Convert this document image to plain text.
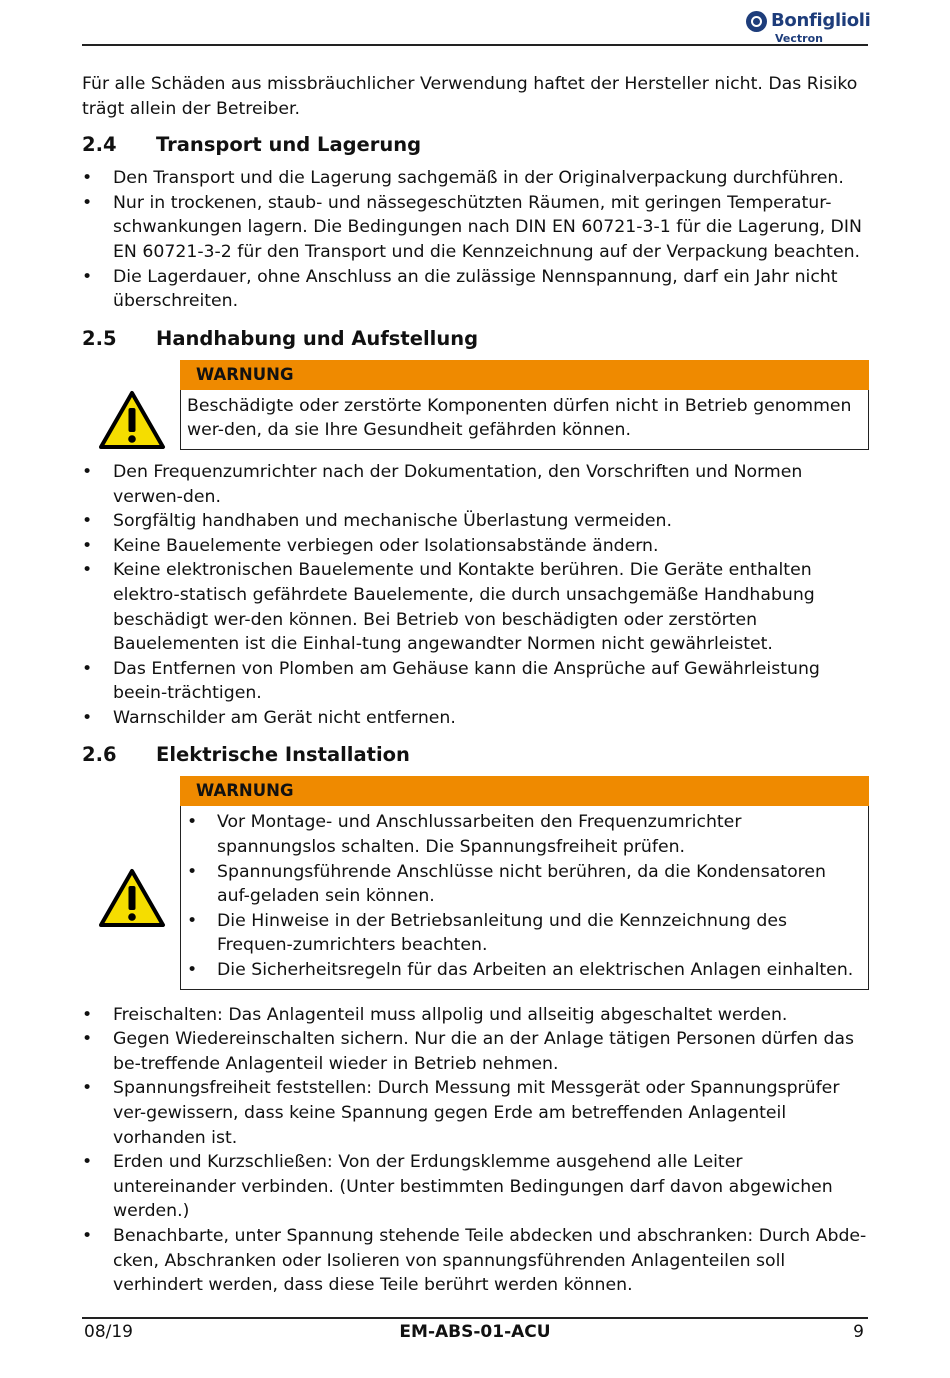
Bonfiglioli
Vectron

Für alle Schäden aus missbräuchlicher Verwendung haftet der Hersteller nicht. Das Risiko trägt allein der Betreiber.

2.4	Transport und Lagerung
• Den Transport und die Lagerung sachgemäß in der Originalverpackung durchführen.
• Nur in trockenen, staub- und nässegeschützten Räumen, mit geringen Temperatur-schwankungen lagern. Die Bedingungen nach DIN EN 60721-3-1 für die Lagerung, DIN EN 60721-3-2 für den Transport und die Kennzeichnung auf der Verpackung beachten.
• Die Lagerdauer, ohne Anschluss an die zulässige Nennspannung, darf ein Jahr nicht überschreiten.
2.5	Handhabung und Aufstellung
WARNUNG
Beschädigte oder zerstörte Komponenten dürfen nicht in Betrieb genommen wer-den, da sie Ihre Gesundheit gefährden können.
• Den Frequenzumrichter nach der Dokumentation, den Vorschriften und Normen verwen-den.
• Sorgfältig handhaben und mechanische Überlastung vermeiden.
• Keine Bauelemente verbiegen oder Isolationsabstände ändern.
• Keine elektronischen Bauelemente und Kontakte berühren. Die Geräte enthalten elektro-statisch gefährdete Bauelemente, die durch unsachgemäße Handhabung beschädigt wer-den können. Bei Betrieb von beschädigten oder zerstörten Bauelementen ist die Einhal-tung angewandter Normen nicht gewährleistet.
• Das Entfernen von Plomben am Gehäuse kann die Ansprüche auf Gewährleistung beein-trächtigen.
• Warnschilder am Gerät nicht entfernen.
2.6	Elektrische Installation
WARNUNG
• Vor Montage- und Anschlussarbeiten den Frequenzumrichter spannungslos schalten. Die Spannungsfreiheit prüfen.
• Spannungsführende Anschlüsse nicht berühren, da die Kondensatoren auf-geladen sein können.
• Die Hinweise in der Betriebsanleitung und die Kennzeichnung des Frequen-zumrichters beachten.
• Die Sicherheitsregeln für das Arbeiten an elektrischen Anlagen einhalten.
• Freischalten: Das Anlagenteil muss allpolig und allseitig abgeschaltet werden.
• Gegen Wiedereinschalten sichern. Nur die an der Anlage tätigen Personen dürfen das be-treffende Anlagenteil wieder in Betrieb nehmen.
• Spannungsfreiheit feststellen: Durch Messung mit Messgerät oder Spannungsprüfer ver-gewissern, dass keine Spannung gegen Erde am betreffenden Anlagenteil vorhanden ist.
• Erden und Kurzschließen: Von der Erdungsklemme ausgehend alle Leiter untereinander verbinden. (Unter bestimmten Bedingungen darf davon abgewichen werden.)
• Benachbarte, unter Spannung stehende Teile abdecken und abschranken: Durch Abde-cken, Abschranken oder Isolieren von spannungsführenden Anlagenteilen soll verhindert werden, dass diese Teile berührt werden können.
08/19	EM-ABS-01-ACU	9
